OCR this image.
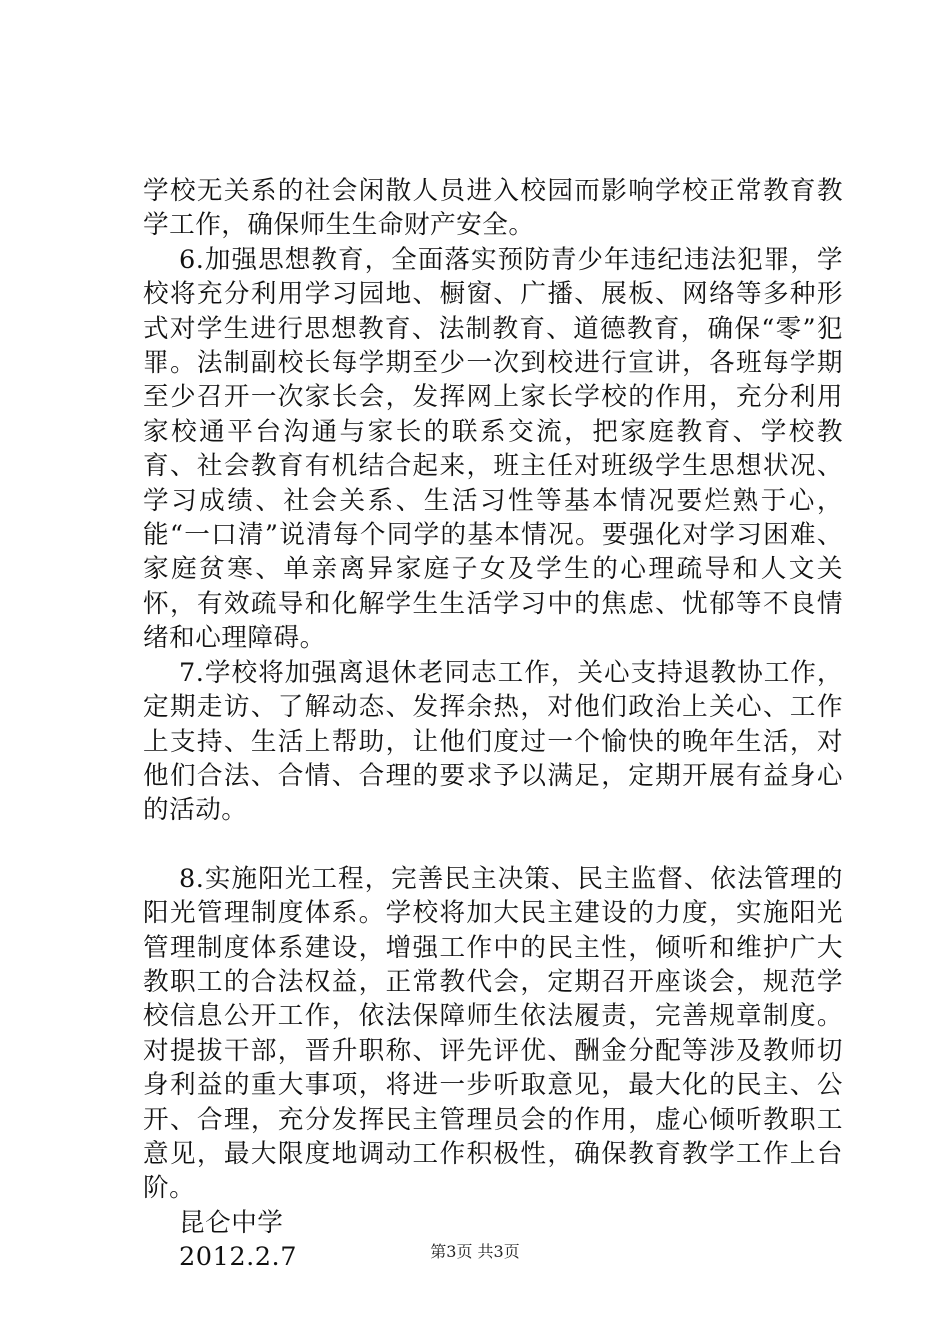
学校无关系的社会闲散人员进入校园而影响学校正常教育教学工作，确保师生生命财产安全。

6.加强思想教育，全面落实预防青少年违纪违法犯罪，学校将充分利用学习园地、橱窗、广播、展板、网络等多种形式对学生进行思想教育、法制教育、道德教育，确保“零”犯罪。法制副校长每学期至少一次到校进行宣讲，各班每学期至少召开一次家长会，发挥网上家长学校的作用，充分利用家校通平台沟通与家长的联系交流，把家庭教育、学校教育、社会教育有机结合起来，班主任对班级学生思想状况、学习成绩、社会关系、生活习性等基本情况要烂熟于心，能“一口清”说清每个同学的基本情况。要强化对学习困难、家庭贫寒、单亲离异家庭子女及学生的心理疏导和人文关怀，有效疏导和化解学生生活学习中的焦虑、忧郁等不良情绪和心理障碍。

7.学校将加强离退休老同志工作，关心支持退教协工作，定期走访、了解动态、发挥余热，对他们政治上关心、工作上支持、生活上帮助，让他们度过一个愉快的晚年生活，对他们合法、合情、合理的要求予以满足，定期开展有益身心的活动。

8.实施阳光工程，完善民主决策、民主监督、依法管理的阳光管理制度体系。学校将加大民主建设的力度，实施阳光管理制度体系建设，增强工作中的民主性，倾听和维护广大教职工的合法权益，正常教代会，定期召开座谈会，规范学校信息公开工作，依法保障师生依法履责，完善规章制度。对提拔干部，晋升职称、评先评优、酬金分配等涉及教师切身利益的重大事项，将进一步听取意见，最大化的民主、公开、合理，充分发挥民主管理员会的作用，虚心倾听教职工意见，最大限度地调动工作积极性，确保教育教学工作上台阶。

昆仑中学

2012.2.7	第3页 共3页
